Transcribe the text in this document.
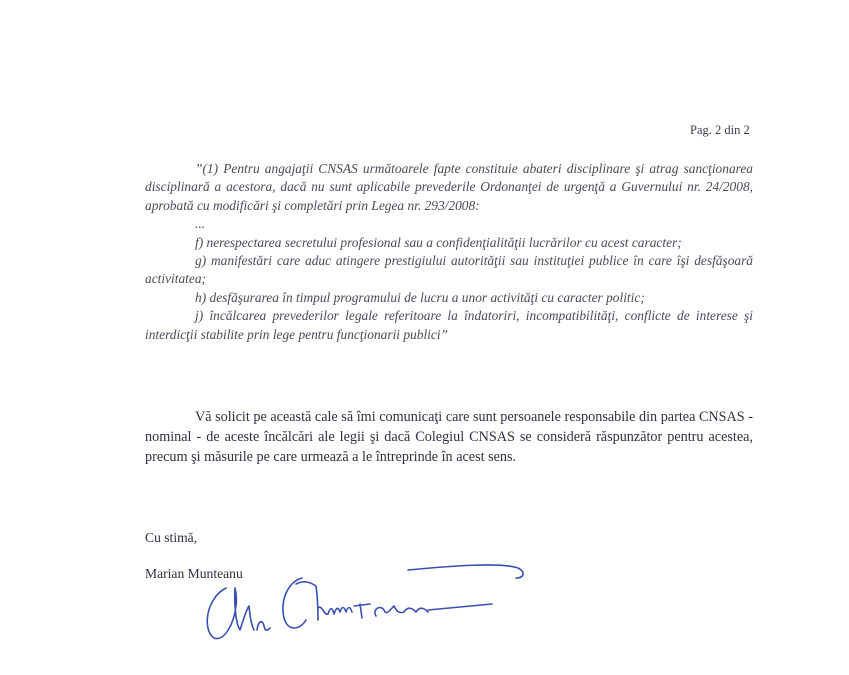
Pag. 2 din 2

”(1) Pentru angajaţii CNSAS următoarele fapte constituie abateri disciplinare şi atrag sancţionarea disciplinară a acestora, dacă nu sunt aplicabile prevederile Ordonanţei de urgenţă a Guvernului nr. 24/2008, aprobată cu modificări şi completări prin Legea nr. 293/2008:

...

f) nerespectarea secretului profesional sau a confidenţialităţii lucrărilor cu acest caracter;

g) manifestări care aduc atingere prestigiului autorităţii sau instituţiei publice în care îşi desfăşoară activitatea;

h) desfăşurarea în timpul programului de lucru a unor activităţi cu caracter politic;

j) încălcarea prevederilor legale referitoare la îndatoriri, incompatibilităţi, conflicte de interese şi interdicţii stabilite prin lege pentru funcţionarii publici”

Vă solicit pe această cale să îmi comunicaţi care sunt persoanele responsabile din partea CNSAS - nominal - de aceste încălcări ale legii şi dacă Colegiul CNSAS se consideră răspunzător pentru acestea, precum şi măsurile pe care urmează a le întreprinde în acest sens.

Cu stimă,
Marian Munteanu
